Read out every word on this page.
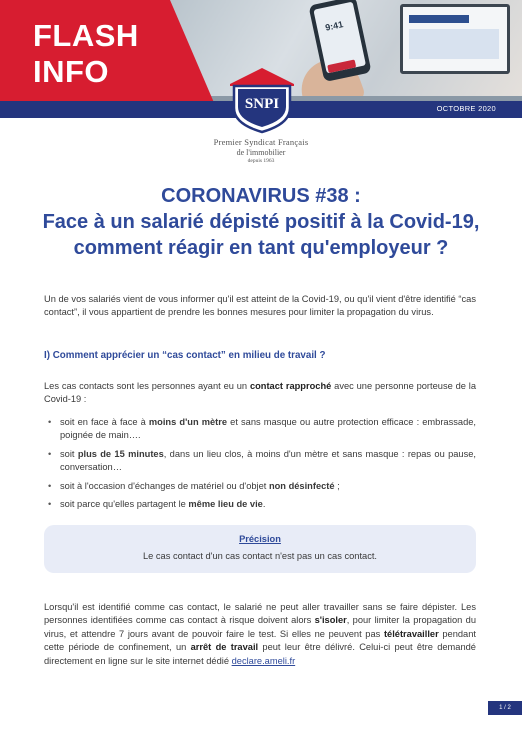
9:41
FLASH
INFO
OCTOBRE 2020
SNPI
Premier Syndicat Français
de l'immobilier
depuis 1963
CORONAVIRUS #38 :
Face à un salarié dépisté positif à la Covid-19,
comment réagir en tant qu'employeur ?
Un de vos salariés vient de vous informer qu'il est atteint de la Covid-19, ou qu'il vient d'être identifié “cas contact”, il vous appartient de prendre les bonnes mesures pour limiter la propagation du virus.
I) Comment apprécier un “cas contact” en milieu de travail ?
Les cas contacts sont les personnes ayant eu un contact rapproché avec une personne porteuse de la Covid-19 :
• soit en face à face à moins d'un mètre et sans masque ou autre protection efficace : embrassade, poignée de main….
• soit plus de 15 minutes, dans un lieu clos, à moins d'un mètre et sans masque : repas ou pause, conversation…
• soit à l'occasion d'échanges de matériel ou d'objet non désinfecté ;
• soit parce qu'elles partagent le même lieu de vie.
Précision
Le cas contact d'un cas contact n'est pas un cas contact.
Lorsqu'il est identifié comme cas contact, le salarié ne peut aller travailler sans se faire dépister. Les personnes identifiées comme cas contact à risque doivent alors s'isoler, pour limiter la propagation du virus, et attendre 7 jours avant de pouvoir faire le test. Si elles ne peuvent pas télétravailler pendant cette période de confinement, un arrêt de travail peut leur être délivré. Celui-ci peut être demandé directement en ligne sur le site internet dédié declare.ameli.fr
1 / 2
